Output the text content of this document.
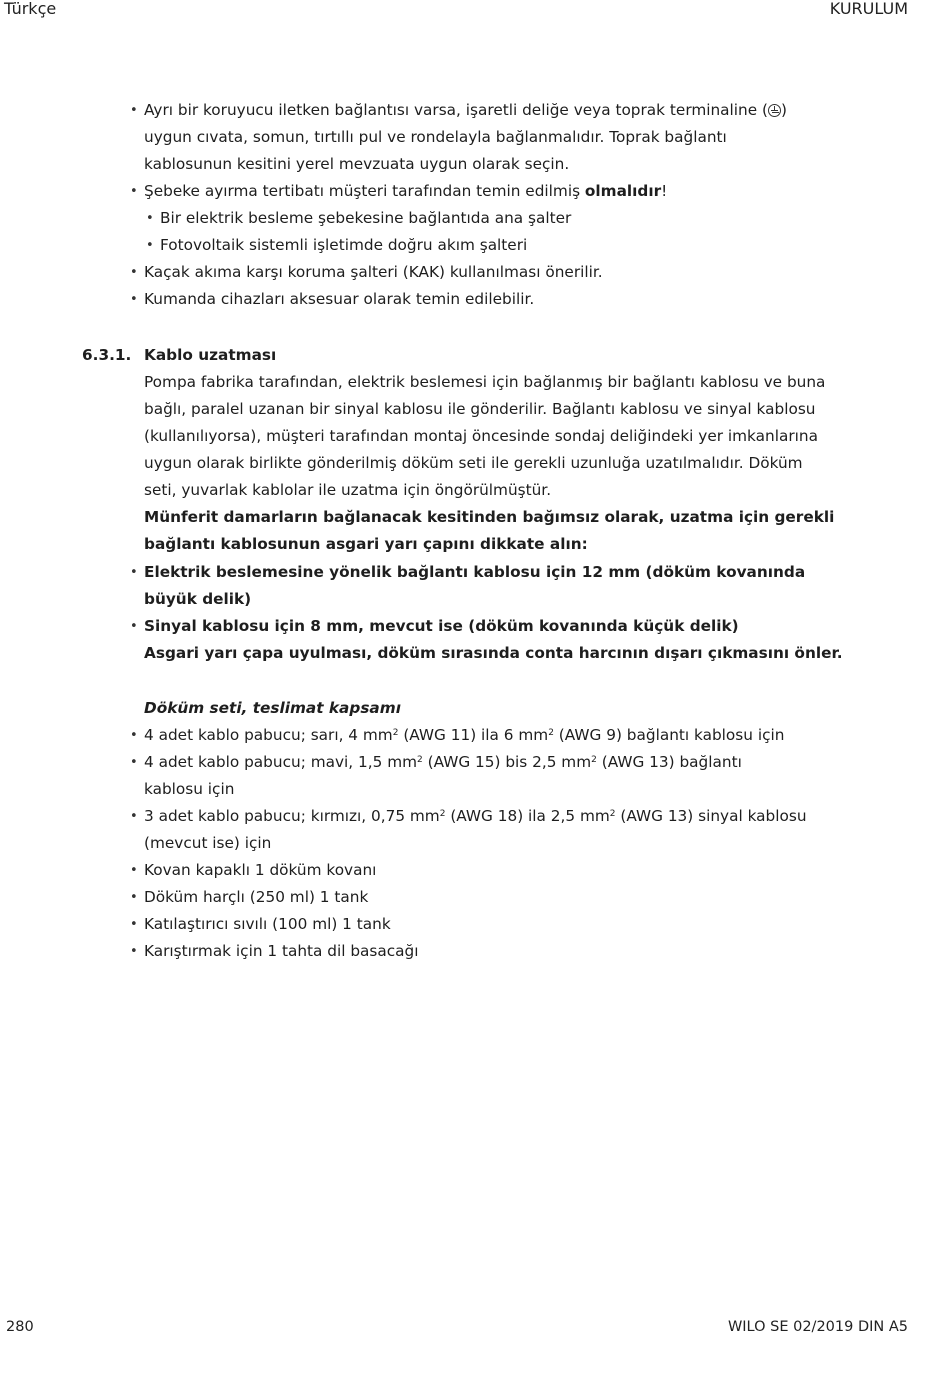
Türkçe	KURULUM
• Ayrı bir koruyucu iletken bağlantısı varsa, işaretli deliğe veya toprak terminaline ( )
uygun cıvata, somun, tırtıllı pul ve rondelayla bağlanmalıdır. Toprak bağlantı
kablosunun kesitini yerel mevzuata uygun olarak seçin.
• Şebeke ayırma tertibatı müşteri tarafından temin edilmiş olmalıdır!
• Bir elektrik besleme şebekesine bağlantıda ana şalter
• Fotovoltaik sistemli işletimde doğru akım şalteri
• Kaçak akıma karşı koruma şalteri (KAK) kullanılması önerilir.
• Kumanda cihazları aksesuar olarak temin edilebilir.
6.3.1. Kablo uzatması
Pompa fabrika tarafından, elektrik beslemesi için bağlanmış bir bağlantı kablosu ve buna
bağlı, paralel uzanan bir sinyal kablosu ile gönderilir. Bağlantı kablosu ve sinyal kablosu
(kullanılıyorsa), müşteri tarafından montaj öncesinde sondaj deliğindeki yer imkanlarına
uygun olarak birlikte gönderilmiş döküm seti ile gerekli uzunluğa uzatılmalıdır. Döküm
seti, yuvarlak kablolar ile uzatma için öngörülmüştür.
Münferit damarların bağlanacak kesitinden bağımsız olarak, uzatma için gerekli
bağlantı kablosunun asgari yarı çapını dikkate alın:
• Elektrik beslemesine yönelik bağlantı kablosu için 12 mm (döküm kovanında
büyük delik)
• Sinyal kablosu için 8 mm, mevcut ise (döküm kovanında küçük delik)
Asgari yarı çapa uyulması, döküm sırasında conta harcının dışarı çıkmasını önler.
Döküm seti, teslimat kapsamı
• 4 adet kablo pabucu; sarı, 4 $mm^2$ (AWG 11) ila 6 $mm^2$ (AWG 9) bağlantı kablosu için
• 4 adet kablo pabucu; mavi, 1,5 $mm^2$ (AWG 15) bis 2,5 $mm^2$ (AWG 13) bağlantı
kablosu için
• 3 adet kablo pabucu; kırmızı, 0,75 $mm^2$ (AWG 18) ila 2,5 $mm^2$ (AWG 13) sinyal kablosu
(mevcut ise) için
• Kovan kapaklı 1 döküm kovanı
• Döküm harçlı (250 ml) 1 tank
• Katılaştırıcı sıvılı (100 ml) 1 tank
• Karıştırmak için 1 tahta dil basacağı
280	WILO SE 02/2019 DIN A5
